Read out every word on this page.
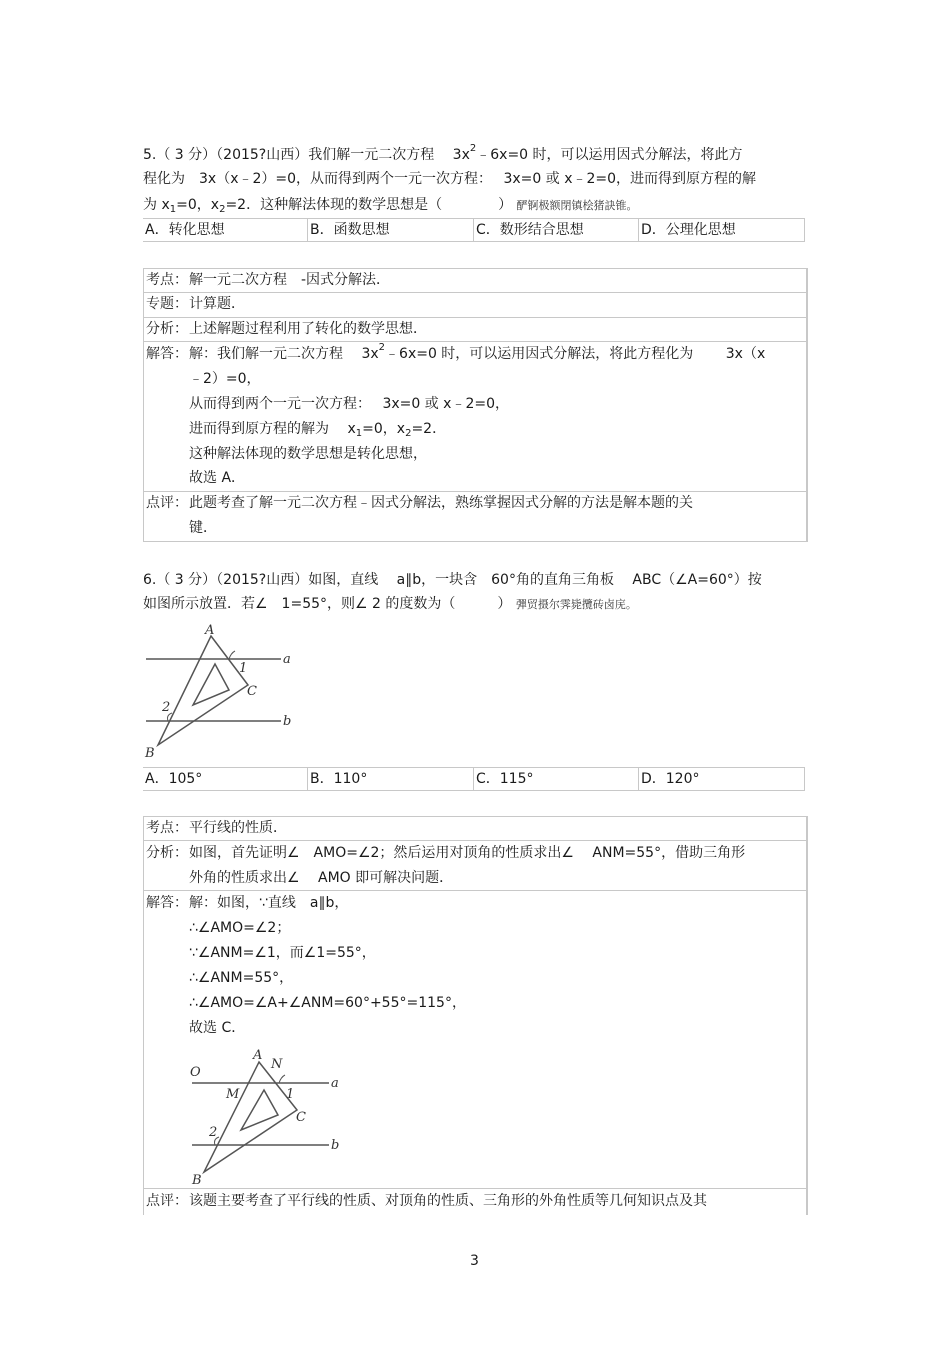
5.（ 3 分）（2015?山西）我们解一元二次方程　 $3x^2﹣6x=0$ 时，可以运用因式分解法，将此方
程化为　3x（x﹣2）=0，从而得到两个一元一次方程：　 3x=0 或 x﹣2=0，进而得到原方程的解
为 $x_1=0$，$x_2=2$．这种解法体现的数学思想是（　　　　） 酽锕极额閉镇桧猪訣锥。
A．转化思想	B．函数思想	C．数形结合思想	D．公理化思想
考点： 解一元二次方程　-因式分解法．
专题： 计算题．
分析： 上述解题过程利用了转化的数学思想．
解答： 解：我们解一元二次方程　 $3x^2﹣6x=0$ 时，可以运用因式分解法，将此方程化为　　 3x（x
﹣2）=0，
从而得到两个一元一次方程：　 3x=0 或 x﹣2=0，
进而得到原方程的解为　 $x_1=0$，$x_2=2$．
这种解法体现的数学思想是转化思想，
故选 A．
点评： 此题考查了解一元二次方程﹣因式分解法，熟练掌握因式分解的方法是解本题的关
键．
6.（ 3 分）（2015?山西）如图，直线　 a∥b，一块含　60°角的直角三角板　 ABC（∠A=60°）按
如图所示放置．若∠　1=55°，则∠ 2 的度数为（　　　） 彈贸摄尔霁毙攬砖卤庑。
A
1
C
a
2
b
B
A．105°	B．110°	C．115°	D．120°
考点： 平行线的性质．
分析： 如图，首先证明∠　AMO=∠2；然后运用对顶角的性质求出∠　 ANM=55°，借助三角形
外角的性质求出∠　 AMO 即可解决问题．
解答： 解：如图，∵直线　a∥b，
∴∠AMO=∠2；
∵∠ANM=∠1，而∠1=55°，
∴∠ANM=55°，
∴∠AMO=∠A+∠ANM=60°+55°=115°，
故选 C．
O
A
N
M	1
C
a
2
b
B
点评： 该题主要考查了平行线的性质、对顶角的性质、三角形的外角性质等几何知识点及其
3
